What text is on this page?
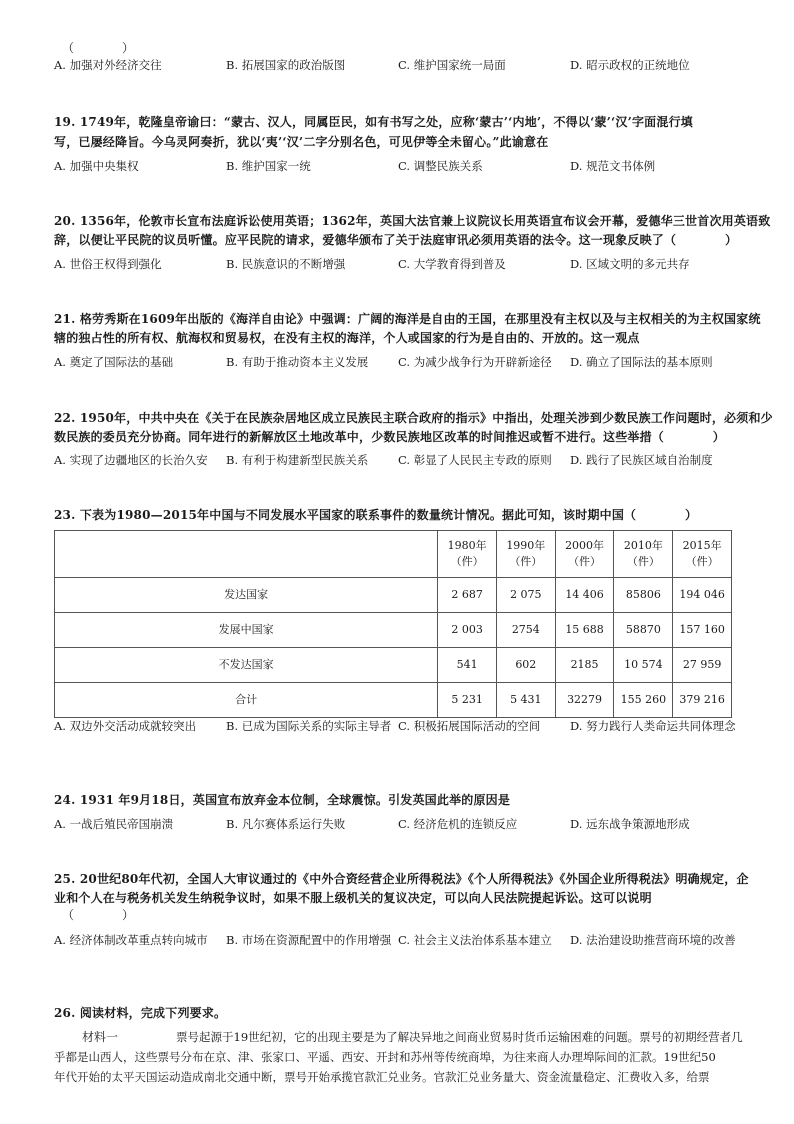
（　　　　）
A. 加强对外经济交往	B. 拓展国家的政治版图	C. 维护国家统一局面	D. 昭示政权的正统地位
19. 1749年，乾隆皇帝谕曰：“蒙古、汉人，同属臣民，如有书写之处，应称‘蒙古’‘内地’，不得以‘蒙’‘汉’字面混行填
写，已屡经降旨。今乌灵阿奏折，犹以‘夷’‘汉’二字分别名色，可见伊等全未留心。”此谕意在
A. 加强中央集权	B. 维护国家一统	C. 调整民族关系	D. 规范文书体例
20. 1356年，伦敦市长宣布法庭诉讼使用英语；1362年，英国大法官兼上议院议长用英语宣布议会开幕，爱德华三世首次用英语致
辞，以便让平民院的议员听懂。应平民院的请求，爱德华颁布了关于法庭审讯必须用英语的法令。这一现象反映了（　　　　）
A. 世俗王权得到强化	B. 民族意识的不断增强	C. 大学教育得到普及	D. 区域文明的多元共存
21. 格劳秀斯在1609年出版的《海洋自由论》中强调：广阔的海洋是自由的王国，在那里没有主权以及与主权相关的为主权国家统
辖的独占性的所有权、航海权和贸易权，在没有主权的海洋，个人或国家的行为是自由的、开放的。这一观点
A. 奠定了国际法的基础	B. 有助于推动资本主义发展	C. 为减少战争行为开辟新途径 D. 确立了国际法的基本原则
22. 1950年，中共中央在《关于在民族杂居地区成立民族民主联合政府的指示》中指出，处理关涉到少数民族工作问题时，必须和少
数民族的委员充分协商。同年进行的新解放区土地改革中，少数民族地区改革的时间推迟或暂不进行。这些举措（　　　　）
A. 实现了边疆地区的长治久安 B. 有利于构建新型民族关系	C. 彰显了人民民主专政的原则 D. 践行了民族区域自治制度
23. 下表为1980—2015年中国与不同发展水平国家的联系事件的数量统计情况。据此可知，该时期中国（　　　　）
	1980年（件）	1990年（件）	2000年（件）	2010年（件）	2015年（件）
发达国家	2 687	2 075	14 406	85806	194 046
发展中国家	2 003	2754	15 688	58870	157 160
不发达国家	541	602	2185	10 574	27 959
合计	5 231	5 431	32279	155 260	379 216
A. 双边外交活动成就较突出	B. 已成为国际关系的实际主导者 C. 积极拓展国际活动的空间	D. 努力践行人类命运共同体理念
24. 1931 年9月18日，英国宣布放弃金本位制，全球震惊。引发英国此举的原因是
A. 一战后殖民帝国崩溃	B. 凡尔赛体系运行失败	C. 经济危机的连锁反应	D. 远东战争策源地形成
25. 20世纪80年代初，全国人大审议通过的《中外合资经营企业所得税法》《个人所得税法》《外国企业所得税法》明确规定，企
业和个人在与税务机关发生纳税争议时，如果不服上级机关的复议决定，可以向人民法院提起诉讼。这可以说明
（　　　　）
A. 经济体制改革重点转向城市	B. 市场在资源配置中的作用增强 C. 社会主义法治体系基本建立	D. 法治建设助推营商环境的改善
26. 阅读材料，完成下列要求。
材料一	票号起源于19世纪初，它的出现主要是为了解决异地之间商业贸易时货币运输困难的问题。票号的初期经营者几
乎都是山西人，这些票号分布在京、津、张家口、平遥、西安、开封和苏州等传统商埠，为往来商人办理埠际间的汇款。19世纪50
年代开始的太平天国运动造成南北交通中断，票号开始承揽官款汇兑业务。官款汇兑业务量大、资金流量稳定、汇费收入多，给票
